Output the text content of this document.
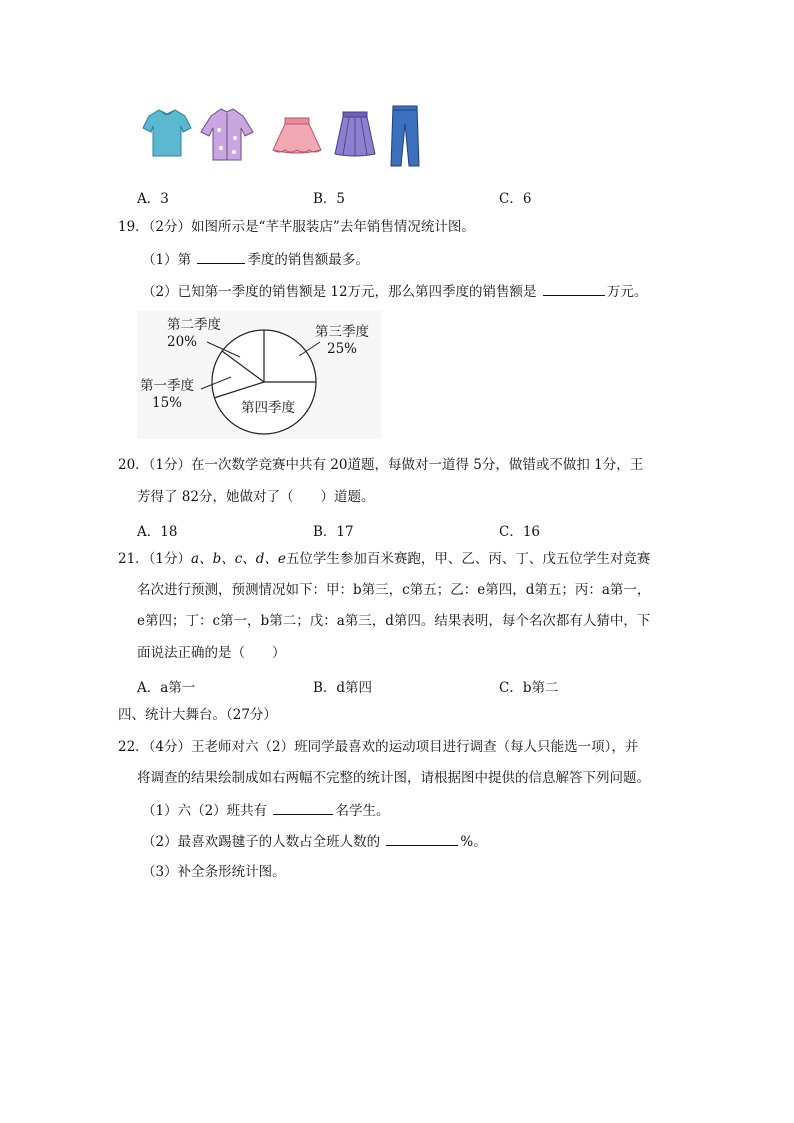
A．3	B．5	C．6
19．（2分）如图所示是“芊芊服装店”去年销售情况统计图。
（1）第	季度的销售额最多。
（2）已知第一季度的销售额是 12万元，那么第四季度的销售额是	万元。
第二季度
20%
第三季度
25%
第一季度
15%	第四季度
20．（1分）在一次数学竞赛中共有 20道题，每做对一道得 5分，做错或不做扣 1分，王
芳得了 82分，她做对了（　　）道题。
A．18	B．17	C．16
21．（1分）a、b、c、d、e五位学生参加百米赛跑，甲、乙、丙、丁、戊五位学生对竞赛
名次进行预测，预测情况如下：甲：b第三，c第五；乙：e第四，d第五；丙：a第一，
e第四；丁：c第一，b第二；戊：a第三，d第四。结果表明，每个名次都有人猜中，下
面说法正确的是（　　）
A．a第一	B．d第四	C．b第二
四、统计大舞台。（27分）
22．（4分）王老师对六（2）班同学最喜欢的运动项目进行调查（每人只能选一项），并
将调查的结果绘制成如右两幅不完整的统计图，请根据图中提供的信息解答下列问题。
（1）六（2）班共有	名学生。
（2）最喜欢踢毽子的人数占全班人数的	%。
（3）补全条形统计图。
